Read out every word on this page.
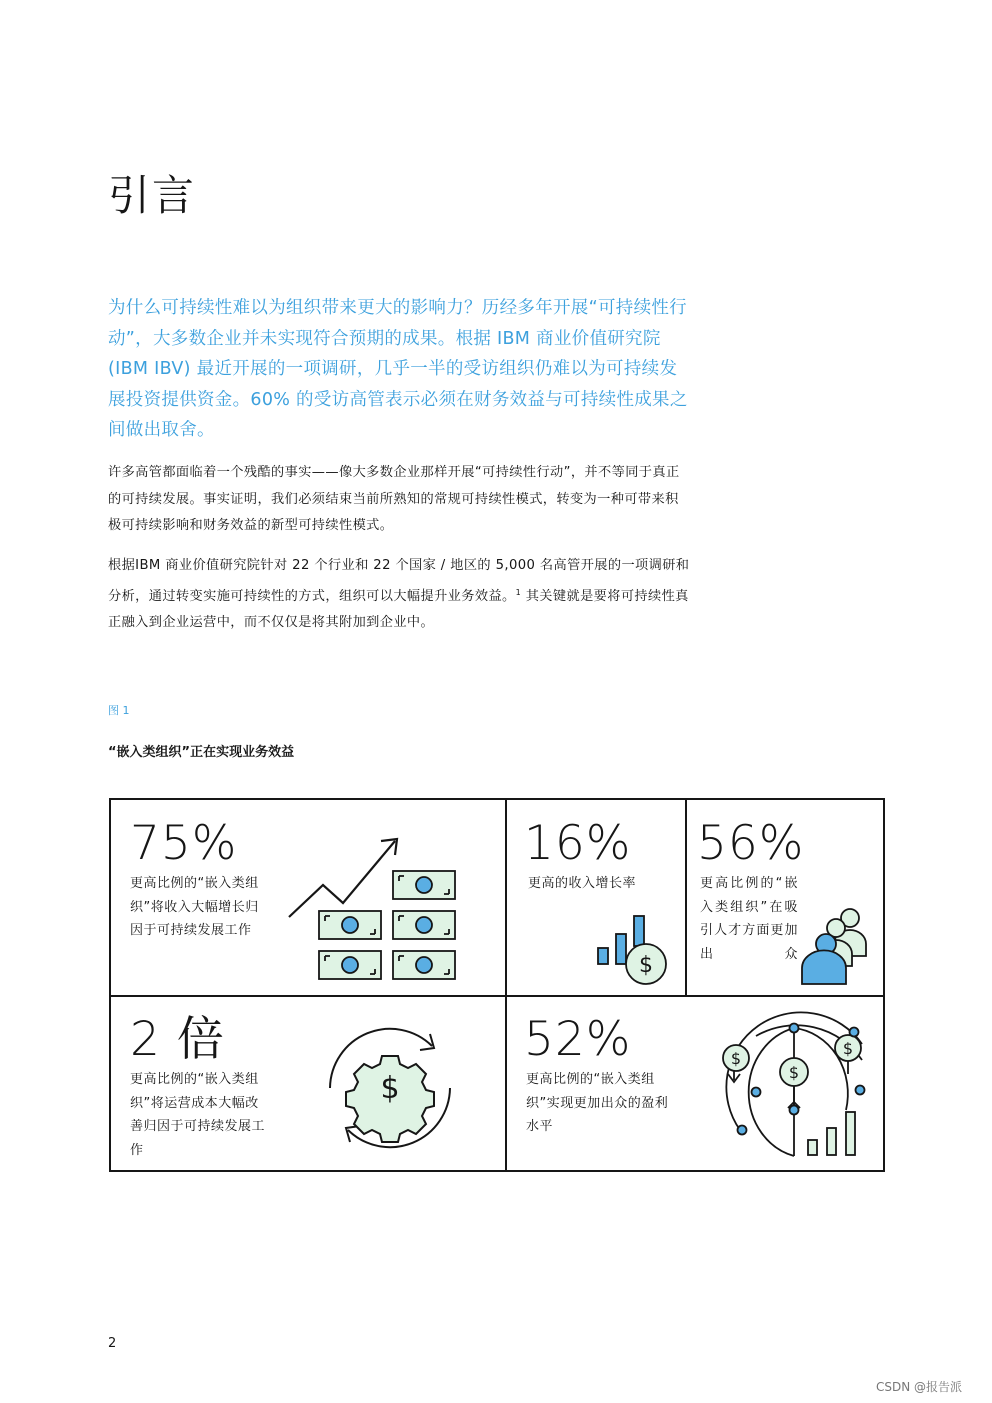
引言
为什么可持续性难以为组织带来更大的影响力？历经多年开展“可持续性行动”，大多数企业并未实现符合预期的成果。根据 IBM 商业价值研究院 (IBM IBV) 最近开展的一项调研，几乎一半的受访组织仍难以为可持续发展投资提供资金。60% 的受访高管表示必须在财务效益与可持续性成果之间做出取舍。
许多高管都面临着一个残酷的事实——像大多数企业那样开展“可持续性行动”，并不等同于真正的可持续发展。事实证明，我们必须结束当前所熟知的常规可持续性模式，转变为一种可带来积极可持续影响和财务效益的新型可持续性模式。
根据IBM 商业价值研究院针对 22 个行业和 22 个国家 / 地区的 5,000 名高管开展的一项调研和分析，通过转变实施可持续性的方式，组织可以大幅提升业务效益。$^1$ 其关键就是要将可持续性真正融入到企业运营中，而不仅仅是将其附加到企业中。
图 1
“嵌入类组织”正在实现业务效益
75%
更高比例的“嵌入类组织”将收入大幅增长归因于可持续发展工作
16%
更高的收入增长率
$
56%
更高比例的“嵌入类组织”在吸引人才方面更加出众
2 倍
更高比例的“嵌入类组织”将运营成本大幅改善归因于可持续发展工作
$
52%
更高比例的“嵌入类组织”实现更加出众的盈利水平
$
$
$
2
CSDN @报告派
